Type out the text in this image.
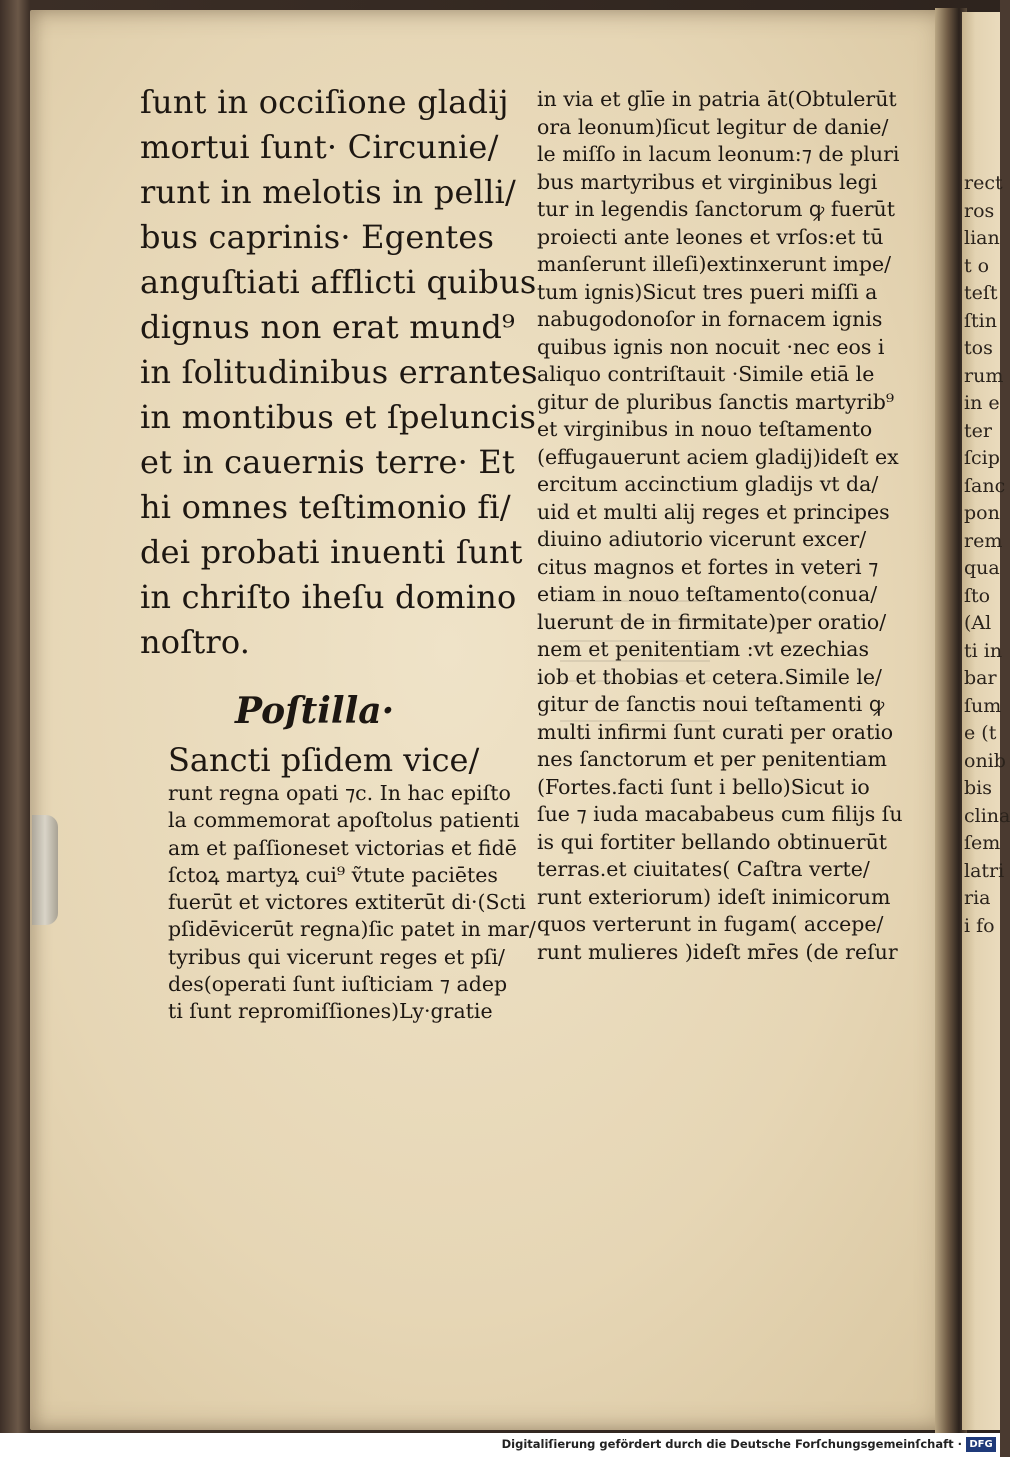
rect
ros
lian
t o
teſt
ſtin
tos
rum
in e
ter
ſcip
ſanc
pon
rem
qua
ſto
(Al
ti in
bar
ſum
e (t
onib
bis
clina
ſem
latri
ria
i fo
ſunt in occiſione gladij
mortui ſunt· Circunie/
runt in melotis in pelli/
bus caprinis· Egentes
anguſtiati afflicti quibus
dignus non erat mund⁹
in ſolitudinibus errantes
in montibus et ſpeluncis
et in cauernis terre· Et
hi omnes teſtimonio fi/
dei probati inuenti ſunt
in chriſto iheſu domino
noſtro.
Poſtilla·
Sancti pſidem vice/
runt regna opati ⁊c. In hac epiſto
la commemorat apoſtolus patienti
am et paſſioneset victorias et fidē
ſctoꝝ martyꝝ cui⁹ ṽtute paciētes
fuerūt et victores extiterūt di·(Scti
pſidēvicerūt regna)ſic patet in mar/
tyribus qui vicerunt reges et pſi/
des(operati ſunt iuſticiam ⁊ adep
ti ſunt repromiſſiones)Ly·gratie
in via et glīe in patria āt(Obtulerūt
ora leonum)ſicut legitur de danie/
le miſſo in lacum leonum:⁊ de pluri
bus martyribus et virginibus legi
tur in legendis ſanctorum ꝙ fuerūt
proiecti ante leones et vrſos:et tū
manſerunt illeſi)extinxerunt impe/
tum ignis)Sicut tres pueri miſſi a
nabugodonoſor in fornacem ignis
quibus ignis non nocuit ·nec eos i
aliquo contriſtauit ·Simile etiā le
gitur de pluribus ſanctis martyrib⁹
et virginibus in nouo teſtamento
(effugauerunt aciem gladij)ideſt ex
ercitum accinctium gladijs vt da/
uid et multi alij reges et principes
diuino adiutorio vicerunt excer/
citus magnos et fortes in veteri ⁊
etiam in nouo teſtamento(conua/
luerunt de in firmitate)per oratio/
nem et penitentiam :vt ezechias
iob et thobias et cetera.Simile le/
gitur de ſanctis noui teſtamenti ꝙ
multi infirmi ſunt curati per oratio
nes ſanctorum et per penitentiam
(Fortes.facti ſunt i bello)Sicut io
ſue ⁊ iuda macababeus cum filijs ſu
is qui fortiter bellando obtinuerūt
terras.et ciuitates( Caſtra verte/
runt exteriorum) ideſt inimicorum
quos verterunt in fugam( accepe/
runt mulieres )ideſt mr̄es (de reſur
Digitaliſierung gefördert durch die Deutsche Forſchungsgemeinſchaft · DFG
